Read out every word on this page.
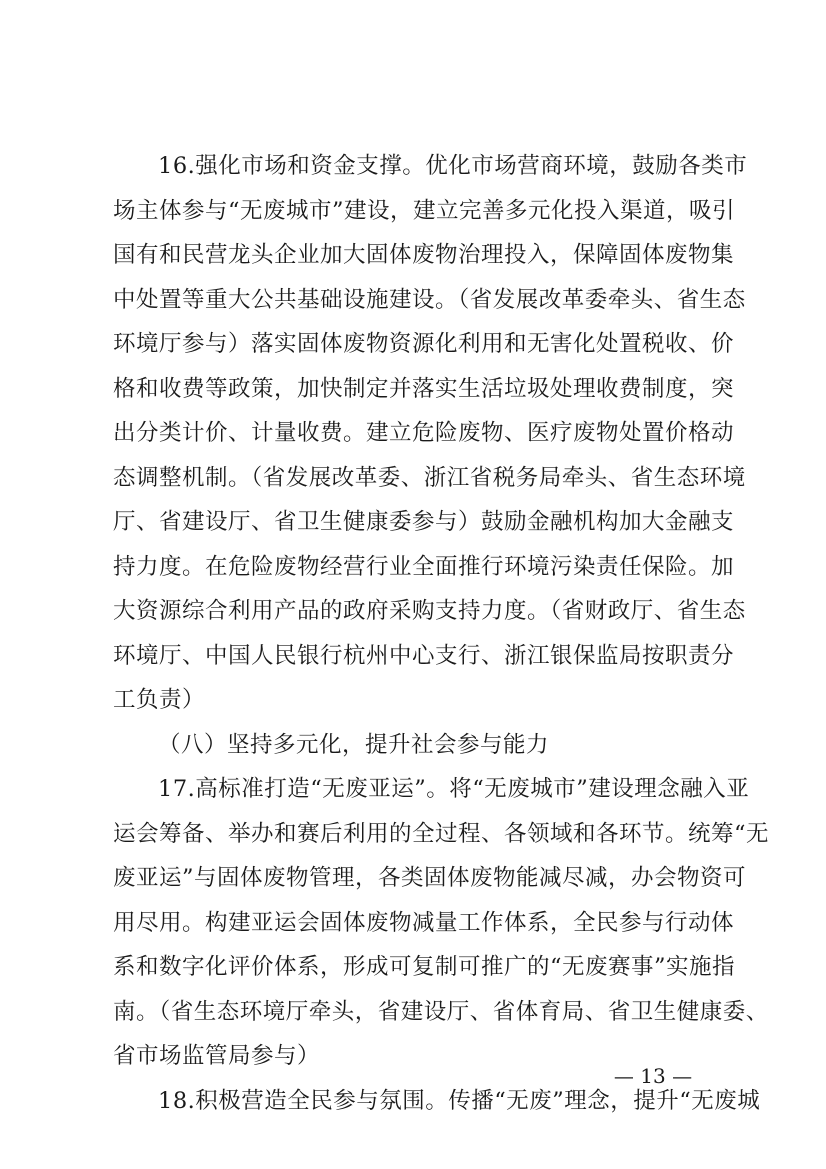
16.强化市场和资金支撑。优化市场营商环境，鼓励各类市
场主体参与“无废城市”建设，建立完善多元化投入渠道，吸引
国有和民营龙头企业加大固体废物治理投入，保障固体废物集
中处置等重大公共基础设施建设。（省发展改革委牵头、省生态
环境厅参与）落实固体废物资源化利用和无害化处置税收、价
格和收费等政策，加快制定并落实生活垃圾处理收费制度，突
出分类计价、计量收费。建立危险废物、医疗废物处置价格动
态调整机制。（省发展改革委、浙江省税务局牵头、省生态环境
厅、省建设厅、省卫生健康委参与）鼓励金融机构加大金融支
持力度。在危险废物经营行业全面推行环境污染责任保险。加
大资源综合利用产品的政府采购支持力度。（省财政厅、省生态
环境厅、中国人民银行杭州中心支行、浙江银保监局按职责分
工负责）
（八）坚持多元化，提升社会参与能力
17.高标准打造“无废亚运”。将“无废城市”建设理念融入亚
运会筹备、举办和赛后利用的全过程、各领域和各环节。统筹“无
废亚运”与固体废物管理，各类固体废物能减尽减，办会物资可
用尽用。构建亚运会固体废物减量工作体系，全民参与行动体
系和数字化评价体系，形成可复制可推广的“无废赛事”实施指
南。（省生态环境厅牵头，省建设厅、省体育局、省卫生健康委、
省市场监管局参与）
18.积极营造全民参与氛围。传播“无废”理念，提升“无废城
— 13 —
